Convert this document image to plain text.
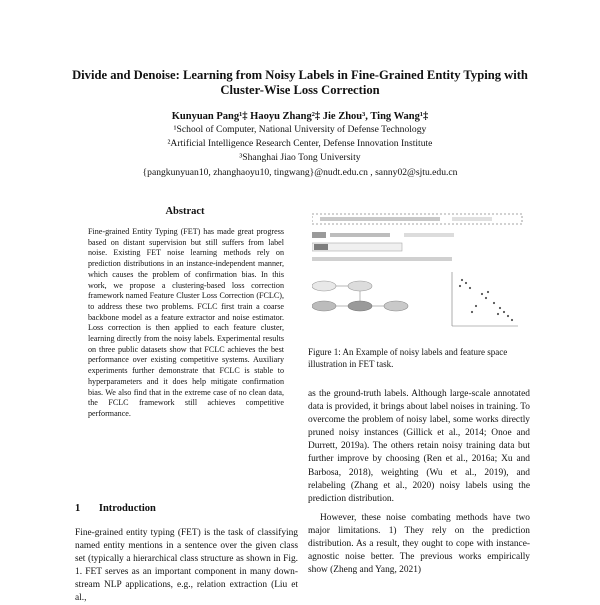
Divide and Denoise: Learning from Noisy Labels in Fine-Grained Entity Typing with Cluster-Wise Loss Correction
Kunyuan Pang¹‡ Haoyu Zhang²‡ Jie Zhou³, Ting Wang¹‡
¹School of Computer, National University of Defense Technology
²Artificial Intelligence Research Center, Defense Innovation Institute
³Shanghai Jiao Tong University
{pangkunyuan10, zhanghaoyu10, tingwang}@nudt.edu.cn , sanny02@sjtu.edu.cn
Abstract
Fine-grained Entity Typing (FET) has made great progress based on distant supervision but still suffers from label noise. Existing FET noise learning methods rely on prediction distributions in an instance-independent manner, which causes the problem of confirmation bias. In this work, we propose a clustering-based loss correction framework named Feature Cluster Loss Correction (FCLC), to address these two problems. FCLC first train a coarse backbone model as a feature extractor and noise estimator. Loss correction is then applied to each feature cluster, learning directly from the noisy labels. Experimental results on three public datasets show that FCLC achieves the best performance over existing competitive systems. Auxiliary experiments further demonstrate that FCLC is stable to hyperparameters and it does help mitigate confirmation bias. We also find that in the extreme case of no clean data, the FCLC framework still achieves competitive performance.
1 Introduction

Fine-grained entity typing (FET) is the task of classifying named entity mentions in a sentence over the given class set (typically a hierarchical class structure as shown in Fig. 1. FET serves as an important component in many down-stream NLP applications, e.g., relation extraction (Liu et al.,

Figure 1: An Example of noisy labels and feature space illustration in FET task.

as the ground-truth labels. Although large-scale annotated data is provided, it brings about label noises in training. To overcome the problem of noisy label, some works directly pruned noisy instances (Gillick et al., 2014; Onoe and Durrett, 2019a). The others retain noisy training data but further improve by choosing (Ren et al., 2016a; Xu and Barbosa, 2018), weighting (Wu et al., 2019), and relabeling (Zhang et al., 2020) noisy labels using the prediction distribution.

However, these noise combating methods have two major limitations. 1) They rely on the prediction distribution. As a result, they ought to cope with instance-agnostic noise better. The previous works empirically show (Zheng and Yang, 2021)
